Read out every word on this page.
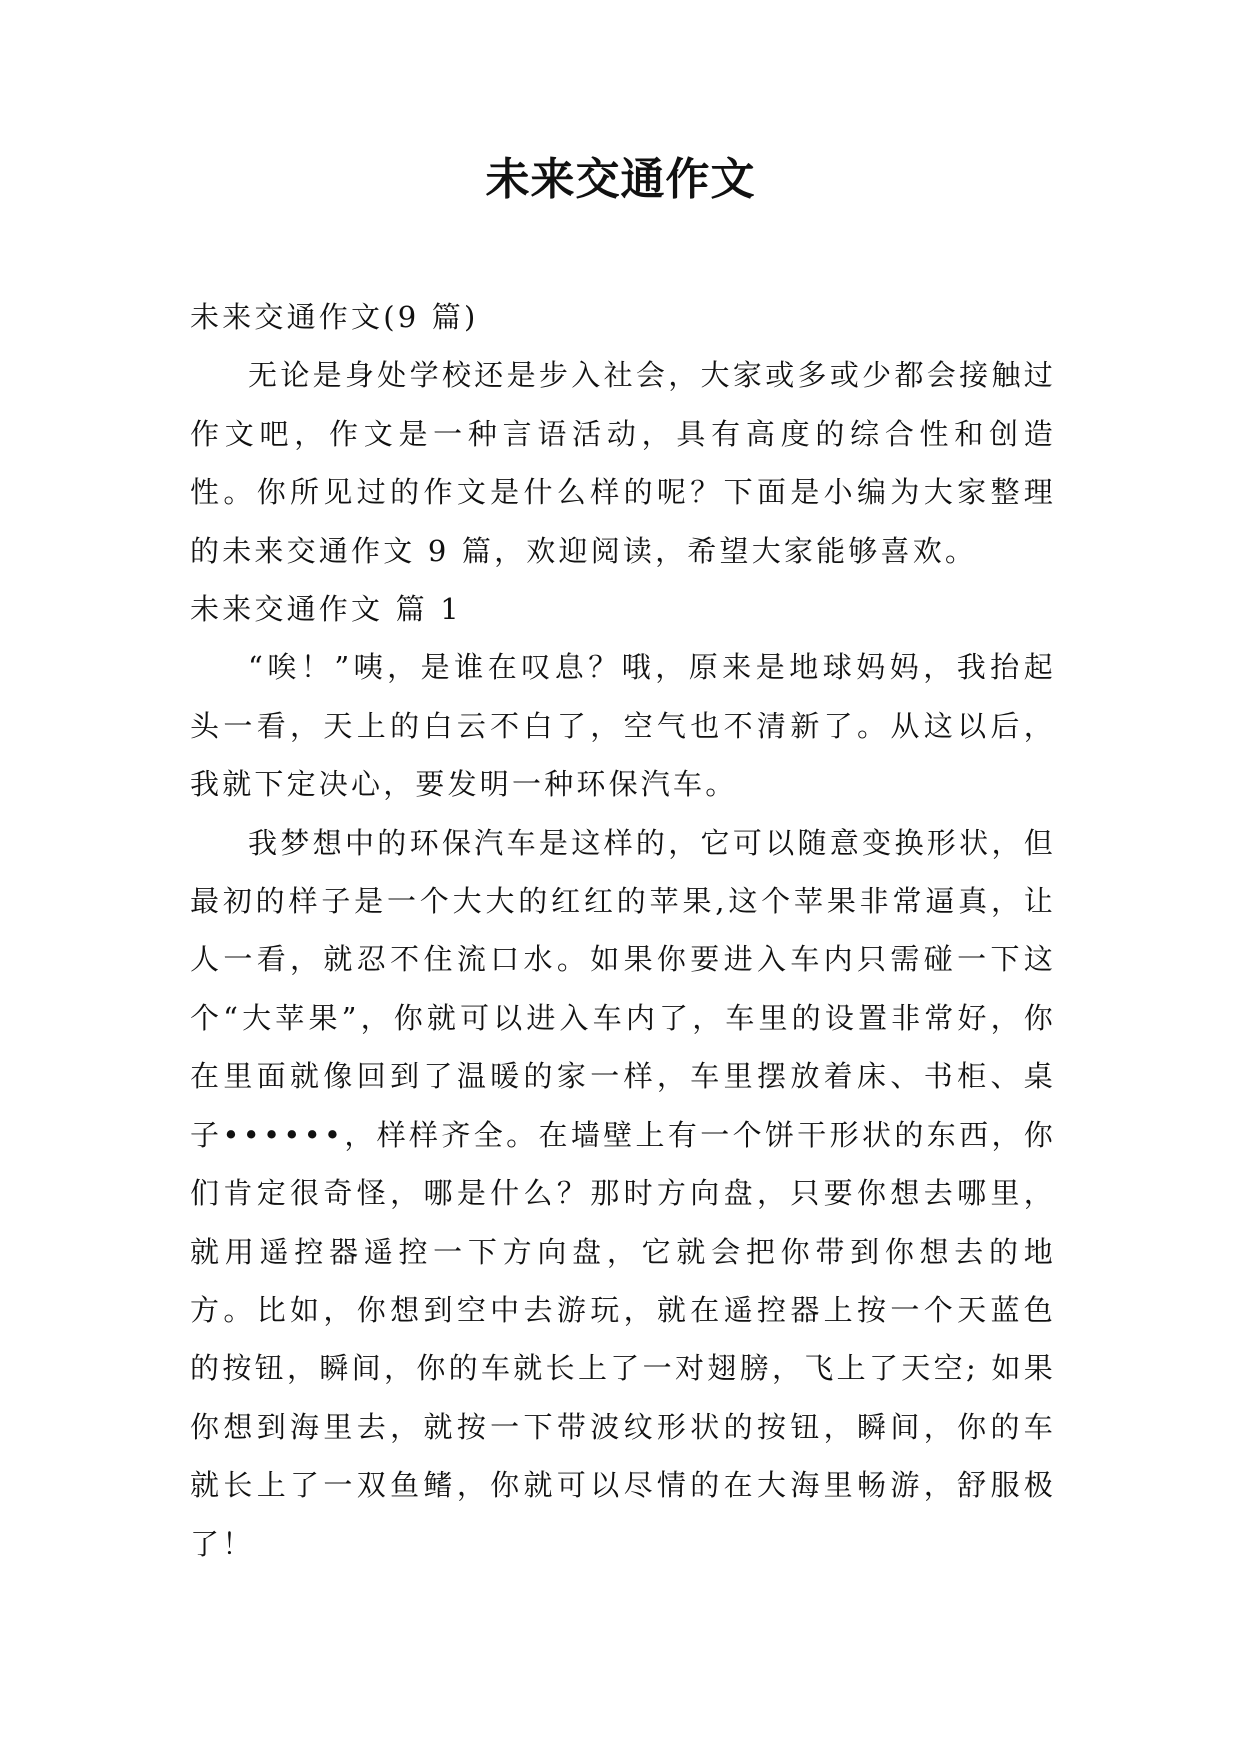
未来交通作文
未来交通作文(9 篇)

无论是身处学校还是步入社会，大家或多或少都会接触过作文吧，作文是一种言语活动，具有高度的综合性和创造性。你所见过的作文是什么样的呢？下面是小编为大家整理的未来交通作文 9 篇，欢迎阅读，希望大家能够喜欢。

未来交通作文 篇 1

“唉！”咦，是谁在叹息？哦，原来是地球妈妈，我抬起头一看，天上的白云不白了，空气也不清新了。从这以后，我就下定决心，要发明一种环保汽车。

我梦想中的环保汽车是这样的，它可以随意变换形状，但最初的样子是一个大大的红红的苹果,这个苹果非常逼真，让人一看，就忍不住流口水。如果你要进入车内只需碰一下这个“大苹果”，你就可以进入车内了，车里的设置非常好，你在里面就像回到了温暖的家一样，车里摆放着床、书柜、桌子••••••，样样齐全。在墙壁上有一个饼干形状的东西，你们肯定很奇怪，哪是什么？那时方向盘，只要你想去哪里，就用遥控器遥控一下方向盘，它就会把你带到你想去的地方。比如，你想到空中去游玩，就在遥控器上按一个天蓝色的按钮，瞬间，你的车就长上了一对翅膀，飞上了天空; 如果你想到海里去，就按一下带波纹形状的按钮，瞬间，你的车就长上了一双鱼鳍，你就可以尽情的在大海里畅游，舒服极了！
